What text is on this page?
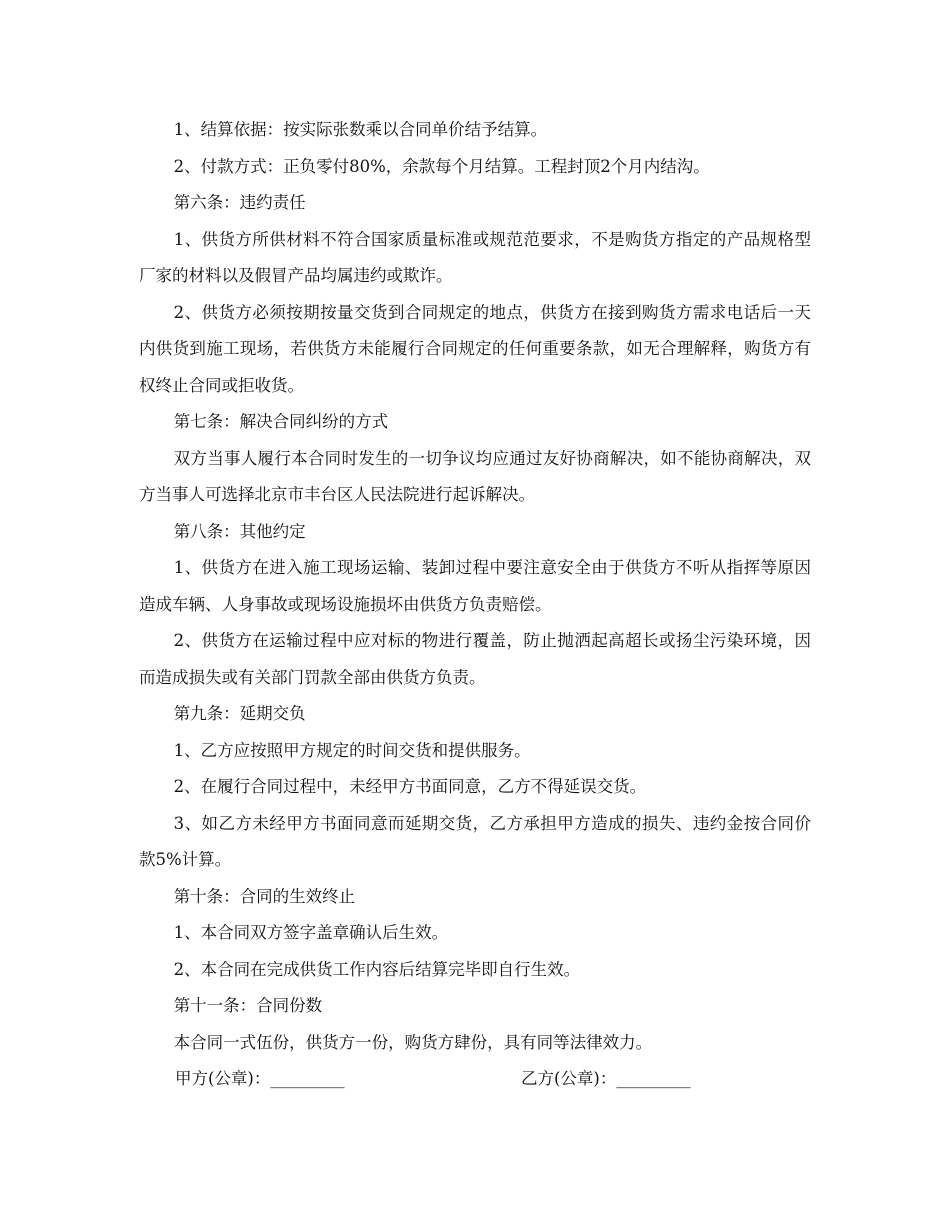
1、结算依据：按实际张数乘以合同单价结予结算。

2、付款方式：正负零付80%，余款每个月结算。工程封顶2个月内结沟。

第六条：违约责任

1、供货方所供材料不符合国家质量标准或规范范要求，不是购货方指定的产品规格型厂家的材料以及假冒产品均属违约或欺诈。

2、供货方必须按期按量交货到合同规定的地点，供货方在接到购货方需求电话后一天内供货到施工现场，若供货方未能履行合同规定的任何重要条款，如无合理解释，购货方有权终止合同或拒收货。

第七条：解决合同纠纷的方式

双方当事人履行本合同时发生的一切争议均应通过友好协商解决，如不能协商解决，双方当事人可选择北京市丰台区人民法院进行起诉解决。

第八条：其他约定

1、供货方在进入施工现场运输、装卸过程中要注意安全由于供货方不听从指挥等原因造成车辆、人身事故或现场设施损坏由供货方负责赔偿。

2、供货方在运输过程中应对标的物进行覆盖，防止抛洒起高超长或扬尘污染环境，因而造成损失或有关部门罚款全部由供货方负责。

第九条：延期交负

1、乙方应按照甲方规定的时间交货和提供服务。

2、在履行合同过程中，未经甲方书面同意，乙方不得延误交货。

3、如乙方未经甲方书面同意而延期交货，乙方承担甲方造成的损失、违约金按合同价款5%计算。

第十条：合同的生效终止

1、本合同双方签字盖章确认后生效。

2、本合同在完成供货工作内容后结算完毕即自行生效。

第十一条：合同份数

本合同一式伍份，供货方一份，购货方肆份，具有同等法律效力。

甲方(公章)：_________	乙方(公章)：_________
